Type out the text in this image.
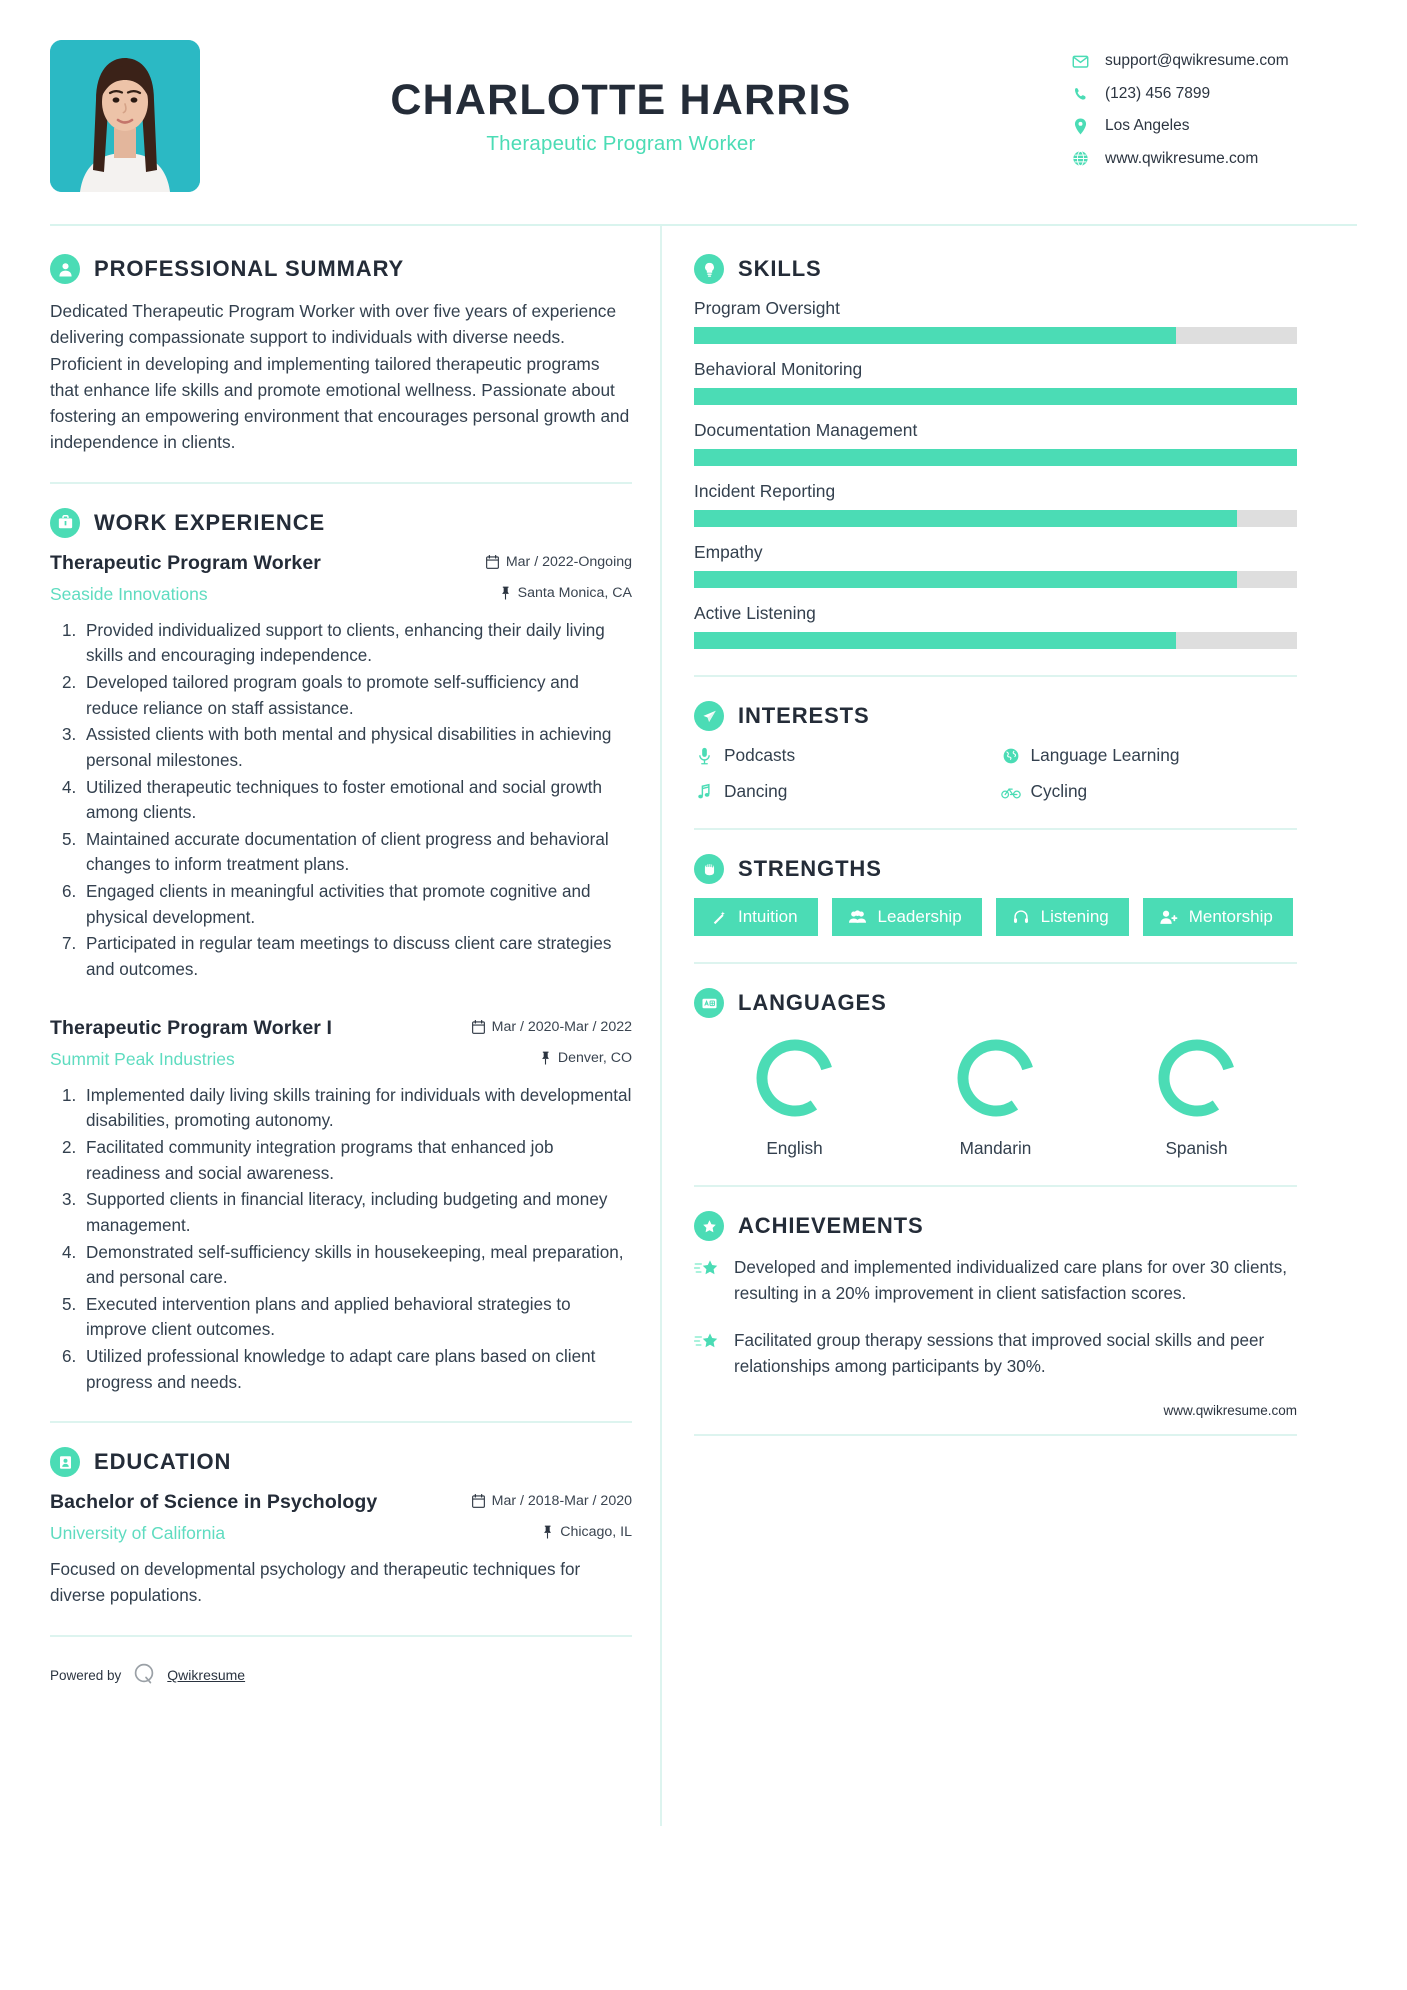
CHARLOTTE HARRIS
Therapeutic Program Worker
support@qwikresume.com
(123) 456 7899
Los Angeles
www.qwikresume.com
PROFESSIONAL SUMMARY

Dedicated Therapeutic Program Worker with over five years of experience delivering compassionate support to individuals with diverse needs. Proficient in developing and implementing tailored therapeutic programs that enhance life skills and promote emotional wellness. Passionate about fostering an empowering environment that encourages personal growth and independence in clients.

WORK EXPERIENCE
Therapeutic Program Worker	Mar / 2022-Ongoing
Seaside Innovations	Santa Monica, CA
1. Provided individualized support to clients, enhancing their daily living skills and encouraging independence.
2. Developed tailored program goals to promote self-sufficiency and reduce reliance on staff assistance.
3. Assisted clients with both mental and physical disabilities in achieving personal milestones.
4. Utilized therapeutic techniques to foster emotional and social growth among clients.
5. Maintained accurate documentation of client progress and behavioral changes to inform treatment plans.
6. Engaged clients in meaningful activities that promote cognitive and physical development.
7. Participated in regular team meetings to discuss client care strategies and outcomes.
Therapeutic Program Worker I	Mar / 2020-Mar / 2022
Summit Peak Industries	Denver, CO
1. Implemented daily living skills training for individuals with developmental disabilities, promoting autonomy.
2. Facilitated community integration programs that enhanced job readiness and social awareness.
3. Supported clients in financial literacy, including budgeting and money management.
4. Demonstrated self-sufficiency skills in housekeeping, meal preparation, and personal care.
5. Executed intervention plans and applied behavioral strategies to improve client outcomes.
6. Utilized professional knowledge to adapt care plans based on client progress and needs.
EDUCATION
Bachelor of Science in Psychology	Mar / 2018-Mar / 2020
University of California	Chicago, IL

Focused on developmental psychology and therapeutic techniques for diverse populations.

Powered by	Qwikresume
SKILLS
Program Oversight
Behavioral Monitoring
Documentation Management
Incident Reporting
Empathy
Active Listening
INTERESTS
Podcasts	Language Learning
Dancing	Cycling
STRENGTHS
Intuition	Leadership	Listening	Mentorship
LANGUAGES
English	Mandarin	Spanish
ACHIEVEMENTS
Developed and implemented individualized care plans for over 30 clients, resulting in a 20% improvement in client satisfaction scores.
Facilitated group therapy sessions that improved social skills and peer relationships among participants by 30%.
www.qwikresume.com
